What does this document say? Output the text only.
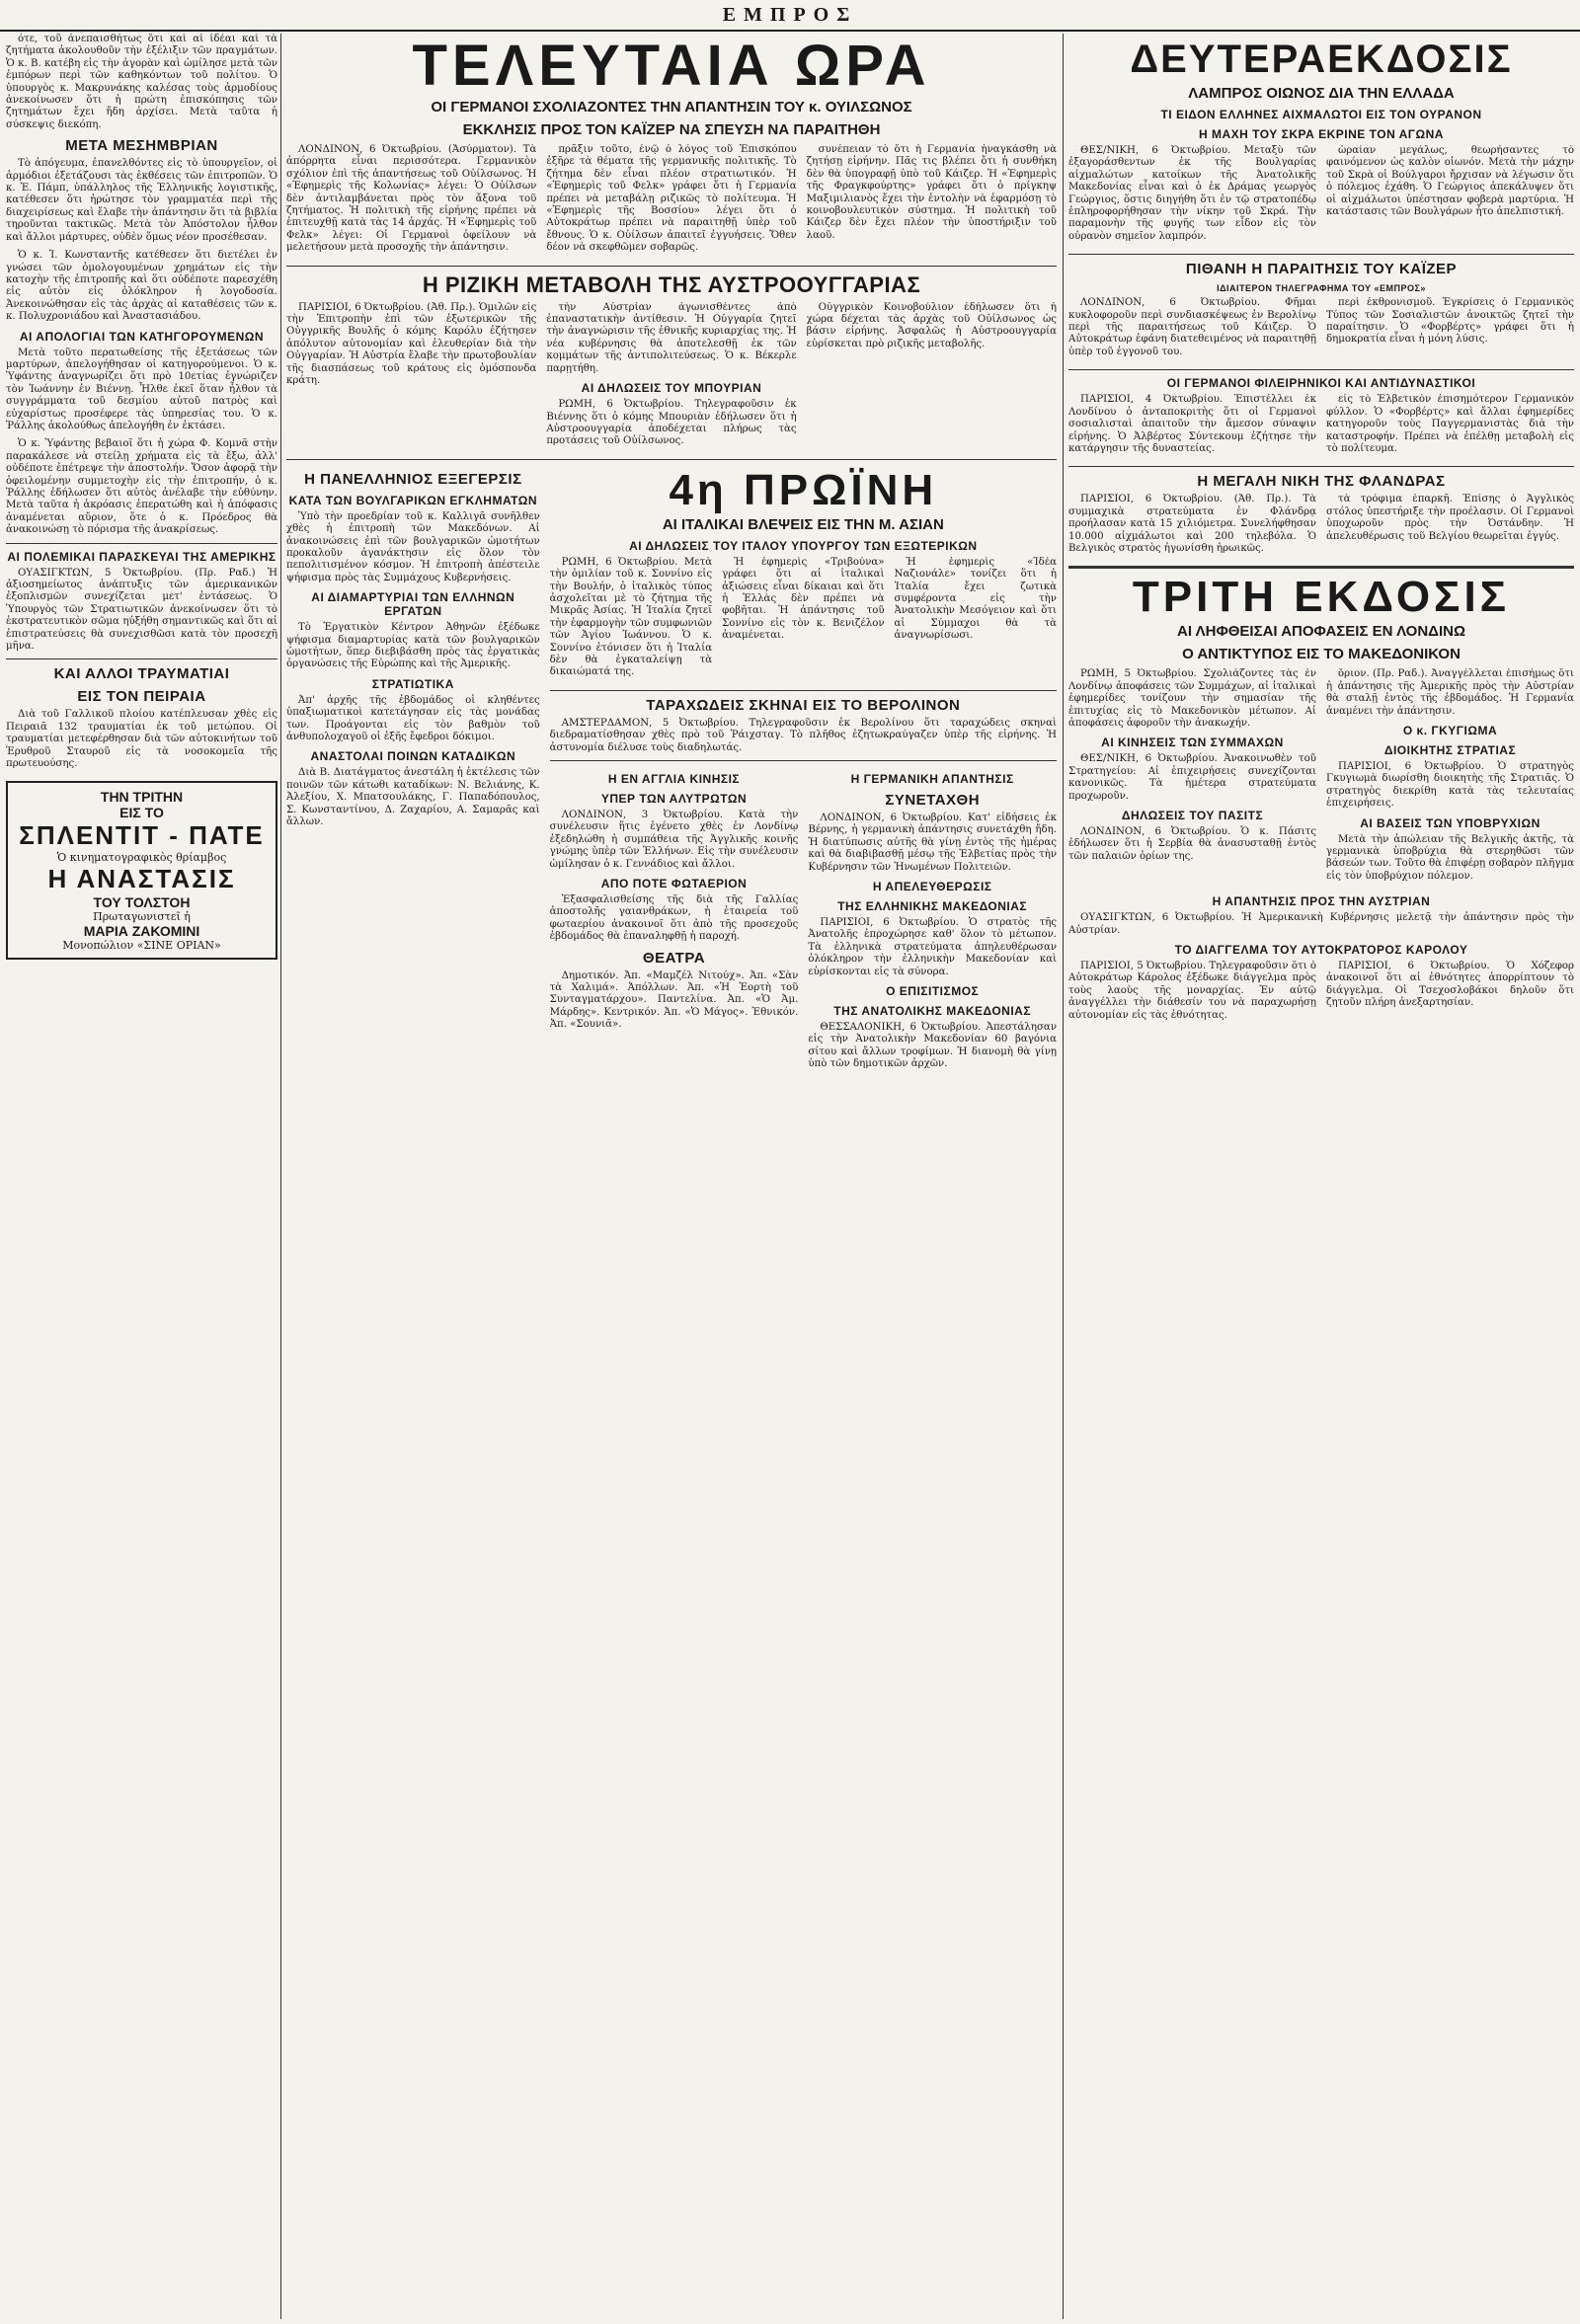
ΕΜΠΡΟΣ

ότε, τοῦ ἀνεπαισθήτως ὅτι καὶ αἱ ἰδέαι καὶ τὰ ζητήματα ἀκολουθοῦν τὴν ἐξέλιξιν τῶν πραγμάτων. Ὁ κ. Β. κατέβη εἰς τὴν ἀγορὰν καὶ ὡμίλησε μετὰ τῶν ἐμπόρων περὶ τῶν καθηκόντων τοῦ πολίτου. Ὁ ὑπουργὸς κ. Μακρυνάκης καλέσας τοὺς ἀρμοδίους ἀνεκοίνωσεν ὅτι ἡ πρώτη ἐπισκόπησις τῶν ζητημάτων ἔχει ἤδη ἀρχίσει. Μετὰ ταῦτα ἡ σύσκεψις διεκόπη.

ΜΕΤΑ ΜΕΣΗΜΒΡΙΑΝ

Τὸ ἀπόγευμα, ἐπανελθόντες εἰς τὸ ὑπουργεῖον, οἱ ἁρμόδιοι ἐξετάζουσι τὰς ἐκθέσεις τῶν ἐπιτροπῶν. Ὁ κ. Ἐ. Πάμπ, ὑπάλληλος τῆς Ἑλληνικῆς λογιστικῆς, κατέθεσεν ὅτι ἠρώτησε τὸν γραμματέα περὶ τῆς διαχειρίσεως καὶ ἔλαβε τὴν ἀπάντησιν ὅτι τὰ βιβλία τηροῦνται τακτικῶς. Μετὰ τὸν Ἀπόστολον ἦλθον καὶ ἄλλοι μάρτυρες, οὐδὲν ὅμως νέον προσέθεσαν.

Ὁ κ. Ἰ. Κωνσταντῆς κατέθεσεν ὅτι διετέλει ἐν γνώσει τῶν ὁμολογουμένων χρημάτων εἰς τὴν κατοχὴν τῆς ἐπιτροπῆς καὶ ὅτι οὐδέποτε παρεσχέθη εἰς αὐτὸν εἰς ὁλόκληρον ἡ λογοδοσία. Ἀνεκοινώθησαν εἰς τὰς ἀρχὰς αἱ καταθέσεις τῶν κ. κ. Πολυχρονιάδου καὶ Ἀναστασιάδου.

ΑΙ ΑΠΟΛΟΓΙΑΙ ΤΩΝ ΚΑΤΗΓΟΡΟΥΜΕΝΩΝ

Μετὰ τοῦτο περατωθείσης τῆς ἐξετάσεως τῶν μαρτύρων, ἀπελογήθησαν οἱ κατηγορούμενοι. Ὁ κ. Ὑφάντης ἀναγνωρίζει ὅτι πρὸ 10ετίας ἐγνώριζεν τὸν Ἰωάννην ἐν Βιέννῃ. Ἦλθε ἐκεῖ ὅταν ἦλθον τὰ συγγράμματα τοῦ δεσμίου αὐτοῦ πατρὸς καὶ εὐχαρίστως προσέφερε τὰς ὑπηρεσίας του. Ὁ κ. Ῥάλλης ἀκολούθως ἀπελογήθη ἐν ἐκτάσει.

Ὁ κ. Ὑφάντης βεβαιοῖ ὅτι ἡ χώρα Φ. Κομνᾶ στὴν παρακάλεσε νὰ στείλῃ χρήματα εἰς τὰ ἔξω, ἀλλ' οὐδέποτε ἐπέτρεψε τὴν ἀποστολήν. Ὅσον ἀφορᾷ τὴν ὀφειλομένην συμμετοχὴν εἰς τὴν ἐπιτροπήν, ὁ κ. Ῥάλλης ἐδήλωσεν ὅτι αὐτὸς ἀνέλαβε τὴν εὐθύνην. Μετὰ ταῦτα ἡ ἀκρόασις ἐπερατώθη καὶ ἡ ἀπόφασις ἀναμένεται αὔριον, ὅτε ὁ κ. Πρόεδρος θὰ ἀνακοινώσῃ τὸ πόρισμα τῆς ἀνακρίσεως.

ΑΙ ΠΟΛΕΜΙΚΑΙ ΠΑΡΑΣΚΕΥΑΙ ΤΗΣ ΑΜΕΡΙΚΗΣ

ΟΥΑΣΙΓΚΤΩΝ, 5 Ὀκτωβρίου. (Πρ. Ραδ.) Ἡ ἀξιοσημείωτος ἀνάπτυξις τῶν ἀμερικανικῶν ἐξοπλισμῶν συνεχίζεται μετ' ἐντάσεως. Ὁ Ὑπουργὸς τῶν Στρατιωτικῶν ἀνεκοίνωσεν ὅτι τὸ ἐκστρατευτικὸν σῶμα ηὐξήθη σημαντικῶς καὶ ὅτι αἱ ἐπιστρατεύσεις θὰ συνεχισθῶσι κατὰ τὸν προσεχῆ μῆνα.

ΚΑΙ ΑΛΛΟΙ ΤΡΑΥΜΑΤΙΑΙ
ΕΙΣ ΤΟΝ ΠΕΙΡΑΙΑ

Διὰ τοῦ Γαλλικοῦ πλοίου κατέπλευσαν χθὲς εἰς Πειραιᾶ 132 τραυματίαι ἐκ τοῦ μετώπου. Οἱ τραυματίαι μετεφέρθησαν διὰ τῶν αὐτοκινήτων τοῦ Ἐρυθροῦ Σταυροῦ εἰς τὰ νοσοκομεῖα τῆς πρωτευούσης.

ΤΗΝ ΤΡΙΤΗΝ
ΕΙΣ ΤΟ
ΣΠΛΕΝΤΙΤ - ΠΑΤΕ
Ὁ κινηματογραφικὸς θρίαμβος
Η ΑΝΑΣΤΑΣΙΣ
ΤΟΥ ΤΟΛΣΤΟΗ
Πρωταγωνιστεῖ ἡ
ΜΑΡΙΑ ΖΑΚΟΜΙΝΙ
Μονοπώλιον «ΣΙΝΕ ΟΡΙΑΝ»
ΤΕΛΕΥΤΑΙΑ ΩΡΑ
ΟΙ ΓΕΡΜΑΝΟΙ ΣΧΟΛΙΑΖΟΝΤΕΣ ΤΗΝ ΑΠΑΝΤΗΣΙΝ ΤΟΥ κ. ΟΥΙΛΣΩΝΟΣ
ΕΚΚΛΗΣΙΣ ΠΡΟΣ ΤΟΝ ΚΑΪΖΕΡ ΝΑ ΣΠΕΥΣΗ ΝΑ ΠΑΡΑΙΤΗΘΗ

ΛΟΝΔΙΝΟΝ, 6 Ὀκτωβρίου. (Ἀσύρματον). Τὰ ἀπόρρητα εἶναι περισσότερα. Γερμανικὸν σχόλιον ἐπὶ τῆς ἀπαντήσεως τοῦ Οὐίλσωνος. Ἡ «Ἐφημερὶς τῆς Κολωνίας» λέγει: Ὁ Οὐίλσων δὲν ἀντιλαμβάνεται πρὸς τὸν ἄξονα τοῦ ζητήματος. Ἡ πολιτικὴ τῆς εἰρήνης πρέπει νὰ ἐπιτευχθῇ κατὰ τὰς 14 ἀρχάς. Ἡ «Ἐφημερὶς τοῦ Φελκ» λέγει: Οἱ Γερμανοὶ ὀφείλουν νὰ μελετήσουν μετὰ προσοχῆς τὴν ἀπάντησιν.

πρᾶξιν τοῦτο, ἐνῷ ὁ λόγος τοῦ Ἐπισκόπου ἐξῆρε τὰ θέματα τῆς γερμανικῆς πολιτικῆς. Τὸ ζήτημα δὲν εἶναι πλέον στρατιωτικόν. Ἡ «Ἐφημερὶς τοῦ Φελκ» γράφει ὅτι ἡ Γερμανία πρέπει νὰ μεταβάλῃ ριζικῶς τὸ πολίτευμα. Ἡ «Ἐφημερὶς τῆς Βοσσίου» λέγει ὅτι ὁ Αὐτοκράτωρ πρέπει νὰ παραιτηθῇ ὑπὲρ τοῦ ἔθνους. Ὁ κ. Οὐίλσων ἀπαιτεῖ ἐγγυήσεις. Ὅθεν δέον νὰ σκεφθῶμεν σοβαρῶς.

συνέπειαν τὸ ὅτι ἡ Γερμανία ἠναγκάσθη νὰ ζητήσῃ εἰρήνην. Πᾶς τις βλέπει ὅτι ἡ συνθήκη δὲν θὰ ὑπογραφῇ ὑπὸ τοῦ Κάιζερ. Ἡ «Ἐφημερὶς τῆς Φραγκφούρτης» γράφει ὅτι ὁ πρίγκηψ Μαξιμιλιανὸς ἔχει τὴν ἐντολὴν νὰ ἐφαρμόσῃ τὸ κοινοβουλευτικὸν σύστημα. Ἡ πολιτικὴ τοῦ Κάιζερ δὲν ἔχει πλέον τὴν ὑποστήριξιν τοῦ λαοῦ.

Η ΡΙΖΙΚΗ ΜΕΤΑΒΟΛΗ ΤΗΣ ΑΥΣΤΡΟΟΥΓΓΑΡΙΑΣ

ΠΑΡΙΣΙΟΙ, 6 Ὀκτωβρίου. (Ἀθ. Πρ.). Ὁμιλῶν εἰς τὴν Ἐπιτροπὴν ἐπὶ τῶν ἐξωτερικῶν τῆς Οὐγγρικῆς Βουλῆς ὁ κόμης Καρόλυ ἐζήτησεν ἀπόλυτον αὐτονομίαν καὶ ἐλευθερίαν διὰ τὴν Οὐγγαρίαν. Ἡ Αὐστρία ἔλαβε τὴν πρωτοβουλίαν τῆς διασπάσεως τοῦ κράτους εἰς ὁμόσπονδα κράτη.

τὴν Αὐστρίαν ἀγωνισθέντες ἀπὸ ἐπαναστατικὴν ἀντίθεσιν. Ἡ Οὐγγαρία ζητεῖ τὴν ἀναγνώρισιν τῆς ἐθνικῆς κυριαρχίας της. Ἡ νέα κυβέρνησις θὰ ἀποτελεσθῇ ἐκ τῶν κομμάτων τῆς ἀντιπολιτεύσεως. Ὁ κ. Βέκερλε παρῃτήθη.

ΑΙ ΔΗΛΩΣΕΙΣ ΤΟΥ ΜΠΟΥΡΙΑΝ

ΡΩΜΗ, 6 Ὀκτωβρίου. Τηλεγραφοῦσιν ἐκ Βιέννης ὅτι ὁ κόμης Μπουριὰν ἐδήλωσεν ὅτι ἡ Αὐστροουγγαρία ἀποδέχεται πλήρως τὰς προτάσεις τοῦ Οὐίλσωνος.

Οὐγγρικὸν Κοινοβούλιον ἐδήλωσεν ὅτι ἡ χώρα δέχεται τὰς ἀρχὰς τοῦ Οὐίλσωνος ὡς βάσιν εἰρήνης. Ἀσφαλῶς ἡ Αὐστροουγγαρία εὑρίσκεται πρὸ ριζικῆς μεταβολῆς.

Η ΠΑΝΕΛΛΗΝΙΟΣ ΕΞΕΓΕΡΣΙΣ
ΚΑΤΑ ΤΩΝ ΒΟΥΛΓΑΡΙΚΩΝ ΕΓΚΛΗΜΑΤΩΝ

Ὑπὸ τὴν προεδρίαν τοῦ κ. Καλλιγᾶ συνῆλθεν χθὲς ἡ ἐπιτροπὴ τῶν Μακεδόνων. Αἱ ἀνακοινώσεις ἐπὶ τῶν βουλγαρικῶν ὠμοτήτων προκαλοῦν ἀγανάκτησιν εἰς ὅλον τὸν πεπολιτισμένον κόσμον. Ἡ ἐπιτροπὴ ἀπέστειλε ψήφισμα πρὸς τὰς Συμμάχους Κυβερνήσεις.

ΑΙ ΔΙΑΜΑΡΤΥΡΙΑΙ ΤΩΝ ΕΛΛΗΝΩΝ ΕΡΓΑΤΩΝ

Τὸ Ἐργατικὸν Κέντρον Ἀθηνῶν ἐξέδωκε ψήφισμα διαμαρτυρίας κατὰ τῶν βουλγαρικῶν ὠμοτήτων, ὅπερ διεβιβάσθη πρὸς τὰς ἐργατικὰς ὀργανώσεις τῆς Εὐρώπης καὶ τῆς Ἀμερικῆς.

ΣΤΡΑΤΙΩΤΙΚΑ

Ἀπ' ἀρχῆς τῆς ἐβδομάδος οἱ κληθέντες ὑπαξιωματικοὶ κατετάγησαν εἰς τὰς μονάδας των. Προάγονται εἰς τὸν βαθμὸν τοῦ ἀνθυπολοχαγοῦ οἱ ἐξῆς ἔφεδροι δόκιμοι.

ΑΝΑΣΤΟΛΑΙ ΠΟΙΝΩΝ ΚΑΤΑΔΙΚΩΝ

Διὰ Β. Διατάγματος ἀνεστάλη ἡ ἐκτέλεσις τῶν ποινῶν τῶν κάτωθι καταδίκων: Ν. Βελιάνης, Κ. Ἀλεξίου, Χ. Μπατσουλάκης, Γ. Παπαδόπουλος, Σ. Κωνσταντίνου, Δ. Ζαχαρίου, Α. Σαμαρᾶς καὶ ἄλλων.

4η ΠΡΩΪΝΗ
ΑΙ ΙΤΑΛΙΚΑΙ ΒΛΕΨΕΙΣ ΕΙΣ ΤΗΝ Μ. ΑΣΙΑΝ
ΑΙ ΔΗΛΩΣΕΙΣ ΤΟΥ ΙΤΑΛΟΥ ΥΠΟΥΡΓΟΥ ΤΩΝ ΕΞΩΤΕΡΙΚΩΝ

ΡΩΜΗ, 6 Ὀκτωβρίου. Μετὰ τὴν ὁμιλίαν τοῦ κ. Σοννίνο εἰς τὴν Βουλήν, ὁ ἰταλικὸς τύπος ἀσχολεῖται μὲ τὸ ζήτημα τῆς Μικρᾶς Ἀσίας. Ἡ Ἰταλία ζητεῖ τὴν ἐφαρμογὴν τῶν συμφωνιῶν τῶν Ἀγίου Ἰωάννου. Ὁ κ. Σοννίνο ἐτόνισεν ὅτι ἡ Ἰταλία δὲν θὰ ἐγκαταλείψῃ τὰ δικαιώματά της.

Ἡ ἐφημερὶς «Τριβούνα» γράφει ὅτι αἱ ἰταλικαὶ ἀξιώσεις εἶναι δίκαιαι καὶ ὅτι ἡ Ἑλλὰς δὲν πρέπει νὰ φοβῆται. Ἡ ἀπάντησις τοῦ Σοννίνο εἰς τὸν κ. Βενιζέλον ἀναμένεται.

Ἡ ἐφημερὶς «Ἰδέα Ναζιονάλε» τονίζει ὅτι ἡ Ἰταλία ἔχει ζωτικὰ συμφέροντα εἰς τὴν Ἀνατολικὴν Μεσόγειον καὶ ὅτι αἱ Σύμμαχοι θὰ τὰ ἀναγνωρίσωσι.

ΤΑΡΑΧΩΔΕΙΣ ΣΚΗΝΑΙ ΕΙΣ ΤΟ ΒΕΡΟΛΙΝΟΝ

ΑΜΣΤΕΡΔΑΜΟΝ, 5 Ὀκτωβρίου. Τηλεγραφοῦσιν ἐκ Βερολίνου ὅτι ταραχώδεις σκηναὶ διεδραματίσθησαν χθὲς πρὸ τοῦ Ῥάιχσταγ. Τὸ πλῆθος ἐζητωκραύγαζεν ὑπὲρ τῆς εἰρήνης. Ἡ ἀστυνομία διέλυσε τοὺς διαδηλωτάς.

Η ΕΝ ΑΓΓΛΙΑ ΚΙΝΗΣΙΣ
ΥΠΕΡ ΤΩΝ ΑΛΥΤΡΩΤΩΝ

ΛΟΝΔΙΝΟΝ, 3 Ὀκτωβρίου. Κατὰ τὴν συνέλευσιν ἥτις ἐγένετο χθὲς ἐν Λονδίνῳ ἐξεδηλώθη ἡ συμπάθεια τῆς Ἀγγλικῆς κοινῆς γνώμης ὑπὲρ τῶν Ἑλλήνων. Εἰς τὴν συνέλευσιν ὡμίλησαν ὁ κ. Γεννάδιος καὶ ἄλλοι.

ΑΠΟ ΠΟΤΕ ΦΩΤΑΕΡΙΟΝ

Ἐξασφαλισθείσης τῆς διὰ τῆς Γαλλίας ἀποστολῆς γαιανθράκων, ἡ ἑταιρεία τοῦ φωταερίου ἀνακοινοῖ ὅτι ἀπὸ τῆς προσεχοῦς ἑβδομάδος θὰ ἐπαναληφθῇ ἡ παροχή.

ΘΕΑΤΡΑ

Δημοτικόν. Ἀπ. «Μαμζέλ Νιτούχ». Ἀπ. «Σὰν τὰ Χαλιμά». Ἀπόλλων. Ἀπ. «Ἡ Ἑορτὴ τοῦ Συνταγματάρχου». Παντελίνα. Ἀπ. «Ὁ Ἀμ. Μάρδης». Κεντρικόν. Ἀπ. «Ὁ Μάγος». Ἐθνικόν. Ἀπ. «Σουνιᾶ».

Η ΓΕΡΜΑΝΙΚΗ ΑΠΑΝΤΗΣΙΣ
ΣΥΝΕΤΑΧΘΗ

ΛΟΝΔΙΝΟΝ, 6 Ὀκτωβρίου. Κατ' εἰδήσεις ἐκ Βέρνης, ἡ γερμανικὴ ἀπάντησις συνετάχθη ἤδη. Ἡ διατύπωσις αὐτῆς θὰ γίνῃ ἐντὸς τῆς ἡμέρας καὶ θὰ διαβιβασθῇ μέσῳ τῆς Ἑλβετίας πρὸς τὴν Κυβέρνησιν τῶν Ἡνωμένων Πολιτειῶν.

Η ΑΠΕΛΕΥΘΕΡΩΣΙΣ
ΤΗΣ ΕΛΛΗΝΙΚΗΣ ΜΑΚΕΔΟΝΙΑΣ

ΠΑΡΙΣΙΟΙ, 6 Ὀκτωβρίου. Ὁ στρατὸς τῆς Ἀνατολῆς ἐπροχώρησε καθ' ὅλον τὸ μέτωπον. Τὰ ἑλληνικὰ στρατεύματα ἀπηλευθέρωσαν ὁλόκληρον τὴν ἑλληνικὴν Μακεδονίαν καὶ εὑρίσκονται εἰς τὰ σύνορα.

Ο ΕΠΙΣΙΤΙΣΜΟΣ
ΤΗΣ ΑΝΑΤΟΛΙΚΗΣ ΜΑΚΕΔΟΝΙΑΣ

ΘΕΣΣΑΛΟΝΙΚΗ, 6 Ὀκτωβρίου. Ἀπεστάλησαν εἰς τὴν Ἀνατολικὴν Μακεδονίαν 60 βαγόνια σίτου καὶ ἄλλων τροφίμων. Ἡ διανομὴ θὰ γίνῃ ὑπὸ τῶν δημοτικῶν ἀρχῶν.

ΔΕΥΤΕΡΑΕΚΔΟΣΙΣ
ΛΑΜΠΡΟΣ ΟΙΩΝΟΣ ΔΙΑ ΤΗΝ ΕΛΛΑΔΑ
ΤΙ ΕΙΔΟΝ ΕΛΛΗΝΕΣ ΑΙΧΜΑΛΩΤΟΙ ΕΙΣ ΤΟΝ ΟΥΡΑΝΟΝ
Η ΜΑΧΗ ΤΟΥ ΣΚΡΑ ΕΚΡΙΝΕ ΤΟΝ ΑΓΩΝΑ

ΘΕΣ/ΝΙΚΗ, 6 Ὀκτωβρίου. Μεταξὺ τῶν ἐξαγοράσθεντων ἐκ τῆς Βουλγαρίας αἰχμαλώτων κατοίκων τῆς Ἀνατολικῆς Μακεδονίας εἶναι καὶ ὁ ἐκ Δράμας γεωργὸς Γεώργιος, ὅστις διηγήθη ὅτι ἐν τῷ στρατοπέδῳ ἐπληροφορήθησαν τὴν νίκην τοῦ Σκρά. Τὴν παραμονὴν τῆς φυγῆς των εἶδον εἰς τὸν οὐρανὸν σημεῖον λαμπρόν.

ὡραίαν μεγάλως, θεωρήσαντες τὸ φαινόμενον ὡς καλὸν οἰωνόν. Μετὰ τὴν μάχην τοῦ Σκρὰ οἱ Βούλγαροι ἤρχισαν νὰ λέγωσιν ὅτι ὁ πόλεμος ἐχάθη. Ὁ Γεώργιος ἀπεκάλυψεν ὅτι οἱ αἰχμάλωτοι ὑπέστησαν φοβερὰ μαρτύρια. Ἡ κατάστασις τῶν Βουλγάρων ἦτο ἀπελπιστική.

ΠΙΘΑΝΗ Η ΠΑΡΑΙΤΗΣΙΣ ΤΟΥ ΚΑΪΖΕΡ
ΙΔΙΑΙΤΕΡΟΝ ΤΗΛΕΓΡΑΦΗΜΑ ΤΟΥ «ΕΜΠΡΟΣ»

ΛΟΝΔΙΝΟΝ, 6 Ὀκτωβρίου. Φῆμαι κυκλοφοροῦν περὶ συνδιασκέψεως ἐν Βερολίνῳ περὶ τῆς παραιτήσεως τοῦ Κάιζερ. Ὁ Αὐτοκράτωρ ἐφάνη διατεθειμένος νὰ παραιτηθῇ ὑπὲρ τοῦ ἐγγονοῦ του.

περὶ ἐκθρονισμοῦ. Ἐγκρίσεις ὁ Γερμανικὸς Τύπος τῶν Σοσιαλιστῶν ἀνοικτῶς ζητεῖ τὴν παραίτησιν. Ὁ «Φορβέρτς» γράφει ὅτι ἡ δημοκρατία εἶναι ἡ μόνη λύσις.

ΟΙ ΓΕΡΜΑΝΟΙ ΦΙΛΕΙΡΗΝΙΚΟΙ ΚΑΙ ΑΝΤΙΔΥΝΑΣΤΙΚΟΙ

ΠΑΡΙΣΙΟΙ, 4 Ὀκτωβρίου. Ἐπιστέλλει ἐκ Λονδίνου ὁ ἀνταποκριτὴς ὅτι οἱ Γερμανοὶ σοσιαλισταὶ ἀπαιτοῦν τὴν ἄμεσον σύναψιν εἰρήνης. Ὁ Ἀλβέρτος Σύντεκουμ ἐζήτησε τὴν κατάργησιν τῆς δυναστείας.

εἰς τὸ Ἑλβετικὸν ἐπισημότερον Γερμανικὸν φύλλον. Ὁ «Φορβέρτς» καὶ ἄλλαι ἐφημερίδες κατηγοροῦν τοὺς Παγγερμανιστὰς διὰ τὴν καταστροφήν. Πρέπει νὰ ἐπέλθῃ μεταβολὴ εἰς τὸ πολίτευμα.

Η ΜΕΓΑΛΗ ΝΙΚΗ ΤΗΣ ΦΛΑΝΔΡΑΣ

ΠΑΡΙΣΙΟΙ, 6 Ὀκτωβρίου. (Ἀθ. Πρ.). Τὰ συμμαχικὰ στρατεύματα ἐν Φλάνδρᾳ προήλασαν κατὰ 15 χιλιόμετρα. Συνελήφθησαν 10.000 αἰχμάλωτοι καὶ 200 τηλεβόλα. Ὁ Βελγικὸς στρατὸς ἠγωνίσθη ἡρωικῶς.

τὰ τρόφιμα ἐπαρκῆ. Ἐπίσης ὁ Ἀγγλικὸς στόλος ὑπεστήριξε τὴν προέλασιν. Οἱ Γερμανοὶ ὑποχωροῦν πρὸς τὴν Ὀστάνδην. Ἡ ἀπελευθέρωσις τοῦ Βελγίου θεωρεῖται ἐγγύς.

ΤΡΙΤΗ ΕΚΔΟΣΙΣ
ΑΙ ΛΗΦΘΕΙΣΑΙ ΑΠΟΦΑΣΕΙΣ ΕΝ ΛΟΝΔΙΝΩ
Ο ΑΝΤΙΚΤΥΠΟΣ ΕΙΣ ΤΟ ΜΑΚΕΔΟΝΙΚΟΝ

ΡΩΜΗ, 5 Ὀκτωβρίου. Σχολιάζοντες τὰς ἐν Λονδίνῳ ἀποφάσεις τῶν Συμμάχων, αἱ ἰταλικαὶ ἐφημερίδες τονίζουν τὴν σημασίαν τῆς ἐπιτυχίας εἰς τὸ Μακεδονικὸν μέτωπον. Αἱ ἀποφάσεις ἀφοροῦν τὴν ἀνακωχήν.

ΑΙ ΚΙΝΗΣΕΙΣ ΤΩΝ ΣΥΜΜΑΧΩΝ

ΘΕΣ/ΝΙΚΗ, 6 Ὀκτωβρίου. Ἀνακοινωθὲν τοῦ Στρατηγείου: Αἱ ἐπιχειρήσεις συνεχίζονται κανονικῶς. Τὰ ἡμέτερα στρατεύματα προχωροῦν.

ΔΗΛΩΣΕΙΣ ΤΟΥ ΠΑΣΙΤΣ

ΛΟΝΔΙΝΟΝ, 6 Ὀκτωβρίου. Ὁ κ. Πάσιτς ἐδήλωσεν ὅτι ἡ Σερβία θὰ ἀνασυσταθῇ ἐντὸς τῶν παλαιῶν ὁρίων της.

ὅριον. (Πρ. Ραδ.). Ἀναγγέλλεται ἐπισήμως ὅτι ἡ ἀπάντησις τῆς Ἀμερικῆς πρὸς τὴν Αὐστρίαν θὰ σταλῇ ἐντὸς τῆς ἑβδομάδος. Ἡ Γερμανία ἀναμένει τὴν ἀπάντησιν.

Ο κ. ΓΚΥΓΙΩΜΑ
ΔΙΟΙΚΗΤΗΣ ΣΤΡΑΤΙΑΣ

ΠΑΡΙΣΙΟΙ, 6 Ὀκτωβρίου. Ὁ στρατηγὸς Γκυγιωμὰ διωρίσθη διοικητὴς τῆς Στρατιᾶς. Ὁ στρατηγὸς διεκρίθη κατὰ τὰς τελευταίας ἐπιχειρήσεις.

ΑΙ ΒΑΣΕΙΣ ΤΩΝ ΥΠΟΒΡΥΧΙΩΝ

Μετὰ τὴν ἀπώλειαν τῆς Βελγικῆς ἀκτῆς, τὰ γερμανικὰ ὑποβρύχια θὰ στερηθῶσι τῶν βάσεών των. Τοῦτο θὰ ἐπιφέρῃ σοβαρὸν πλῆγμα εἰς τὸν ὑποβρύχιον πόλεμον.

Η ΑΠΑΝΤΗΣΙΣ ΠΡΟΣ ΤΗΝ ΑΥΣΤΡΙΑΝ

ΟΥΑΣΙΓΚΤΩΝ, 6 Ὀκτωβρίου. Ἡ Ἀμερικανικὴ Κυβέρνησις μελετᾷ τὴν ἀπάντησιν πρὸς τὴν Αὐστρίαν.

ΤΟ ΔΙΑΓΓΕΛΜΑ ΤΟΥ ΑΥΤΟΚΡΑΤΟΡΟΣ ΚΑΡΟΛΟΥ

ΠΑΡΙΣΙΟΙ, 5 Ὀκτωβρίου. Τηλεγραφοῦσιν ὅτι ὁ Αὐτοκράτωρ Κάρολος ἐξέδωκε διάγγελμα πρὸς τοὺς λαοὺς τῆς μοναρχίας. Ἐν αὐτῷ ἀναγγέλλει τὴν διάθεσίν του νὰ παραχωρήσῃ αὐτονομίαν εἰς τὰς ἐθνότητας.

ΠΑΡΙΣΙΟΙ, 6 Ὀκτωβρίου. Ὁ Χόζεφορ ἀνακοινοῖ ὅτι αἱ ἐθνότητες ἀπορρίπτουν τὸ διάγγελμα. Οἱ Τσεχοσλοβάκοι δηλοῦν ὅτι ζητοῦν πλήρη ἀνεξαρτησίαν.
